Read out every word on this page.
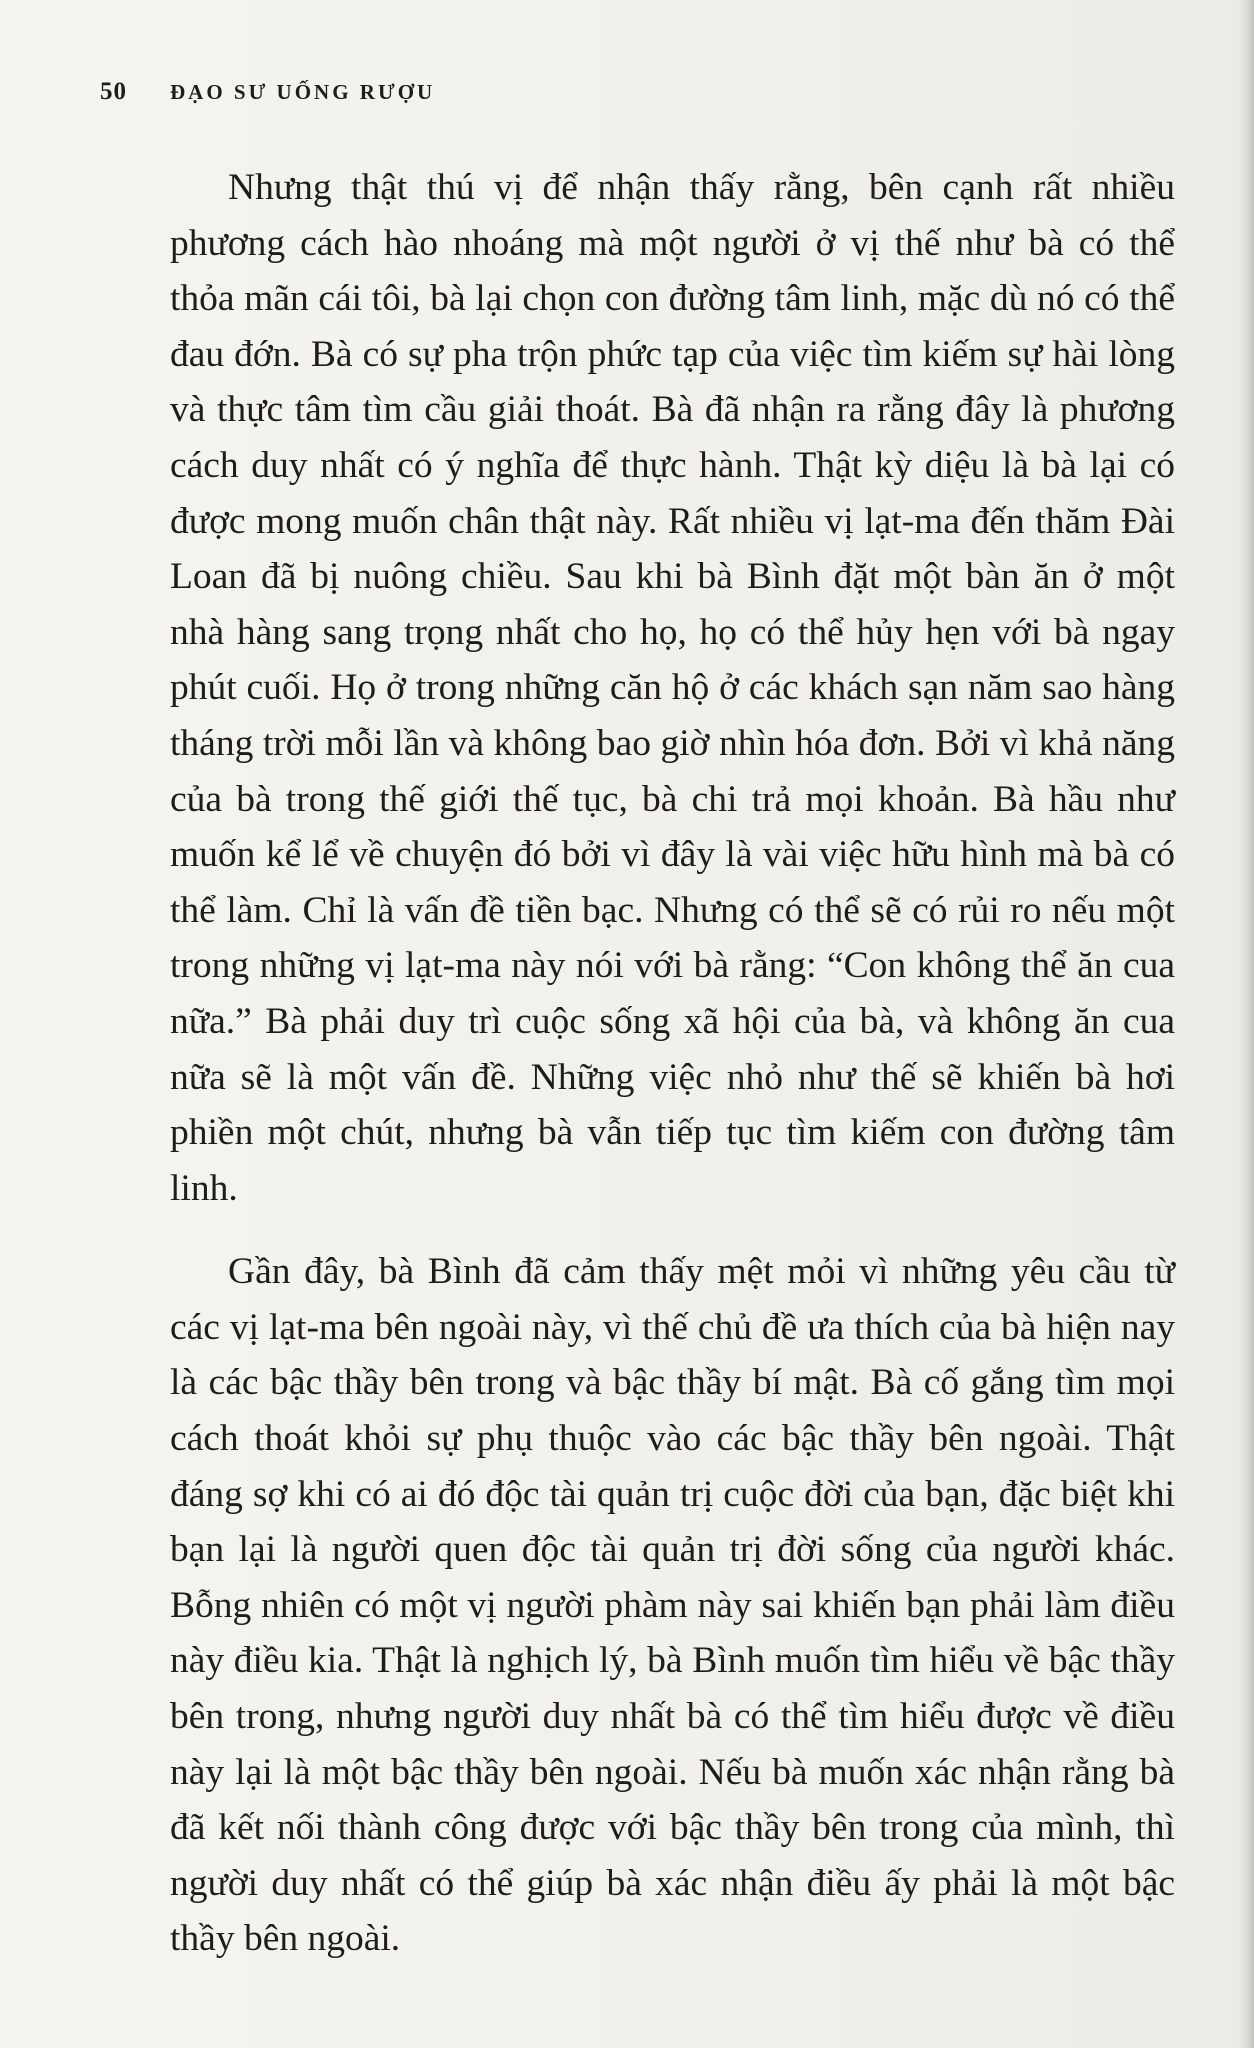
50	ĐẠO SƯ UỐNG RƯỢU

Nhưng thật thú vị để nhận thấy rằng, bên cạnh rất nhiều phương cách hào nhoáng mà một người ở vị thế như bà có thể thỏa mãn cái tôi, bà lại chọn con đường tâm linh, mặc dù nó có thể đau đớn. Bà có sự pha trộn phức tạp của việc tìm kiếm sự hài lòng và thực tâm tìm cầu giải thoát. Bà đã nhận ra rằng đây là phương cách duy nhất có ý nghĩa để thực hành. Thật kỳ diệu là bà lại có được mong muốn chân thật này. Rất nhiều vị lạt-ma đến thăm Đài Loan đã bị nuông chiều. Sau khi bà Bình đặt một bàn ăn ở một nhà hàng sang trọng nhất cho họ, họ có thể hủy hẹn với bà ngay phút cuối. Họ ở trong những căn hộ ở các khách sạn năm sao hàng tháng trời mỗi lần và không bao giờ nhìn hóa đơn. Bởi vì khả năng của bà trong thế giới thế tục, bà chi trả mọi khoản. Bà hầu như muốn kể lể về chuyện đó bởi vì đây là vài việc hữu hình mà bà có thể làm. Chỉ là vấn đề tiền bạc. Nhưng có thể sẽ có rủi ro nếu một trong những vị lạt-ma này nói với bà rằng: “Con không thể ăn cua nữa.” Bà phải duy trì cuộc sống xã hội của bà, và không ăn cua nữa sẽ là một vấn đề. Những việc nhỏ như thế sẽ khiến bà hơi phiền một chút, nhưng bà vẫn tiếp tục tìm kiếm con đường tâm linh.

Gần đây, bà Bình đã cảm thấy mệt mỏi vì những yêu cầu từ các vị lạt-ma bên ngoài này, vì thế chủ đề ưa thích của bà hiện nay là các bậc thầy bên trong và bậc thầy bí mật. Bà cố gắng tìm mọi cách thoát khỏi sự phụ thuộc vào các bậc thầy bên ngoài. Thật đáng sợ khi có ai đó độc tài quản trị cuộc đời của bạn, đặc biệt khi bạn lại là người quen độc tài quản trị đời sống của người khác. Bỗng nhiên có một vị người phàm này sai khiến bạn phải làm điều này điều kia. Thật là nghịch lý, bà Bình muốn tìm hiểu về bậc thầy bên trong, nhưng người duy nhất bà có thể tìm hiểu được về điều này lại là một bậc thầy bên ngoài. Nếu bà muốn xác nhận rằng bà đã kết nối thành công được với bậc thầy bên trong của mình, thì người duy nhất có thể giúp bà xác nhận điều ấy phải là một bậc thầy bên ngoài.
